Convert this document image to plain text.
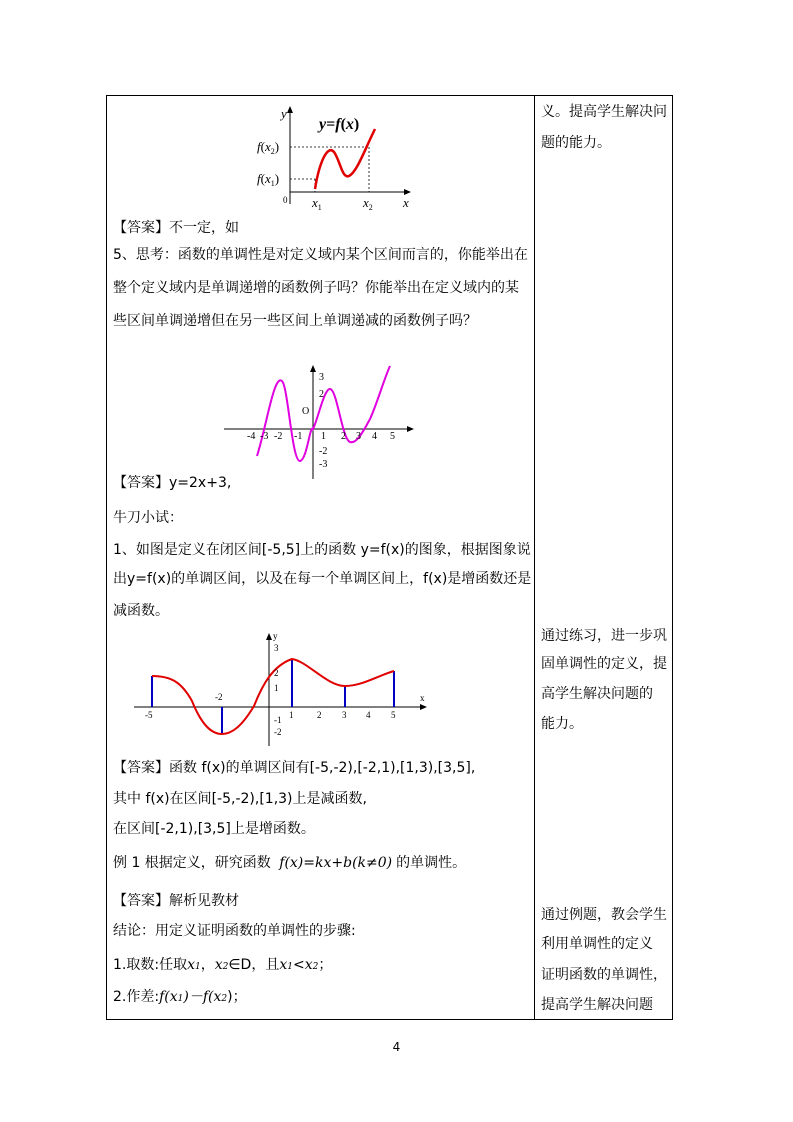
y
y=f(x)
$f(x_2)$
$f(x_1)$
0 $x_1$	$x_2$ x
【答案】不一定，如
5、思考：函数的单调性是对定义域内某个区间而言的，你能举出在
整个定义域内是单调递增的函数例子吗？你能举出在定义域内的某
些区间单调递增但在另一些区间上单调递减的函数例子吗？
-4 -3 -2 -1 1 2 3 4 5
3
2
-2
-3
O
【答案】y=2x+3,
牛刀小试：
1、如图是定义在闭区间[-5,5]上的函数 y=f(x)的图象，根据图象说
出y=f(x)的单调区间，以及在每一个单调区间上，f(x)是增函数还是
减函数。
-5
-2
1	2 3 4 5
3
2
1
-1
-2
y
x
【答案】函数 f(x)的单调区间有[-5,-2),[-2,1),[1,3),[3,5],
其中 f(x)在区间[-5,-2),[1,3)上是减函数,
在区间[-2,1),[3,5]上是增函数。
例 1 根据定义，研究函数 f(x)=kx+b(k≠0) 的单调性。
【答案】解析见教材
结论：用定义证明函数的单调性的步骤:
1.取数:任取x1，x2∈D，且x1<x2；
2.作差:f(x1)－f(x2)；
义。提高学生解决问
题的能力。
通过练习，进一步巩
固单调性的定义，提
高学生解决问题的
能力。
通过例题，教会学生
利用单调性的定义
证明函数的单调性，
提高学生解决问题
4
